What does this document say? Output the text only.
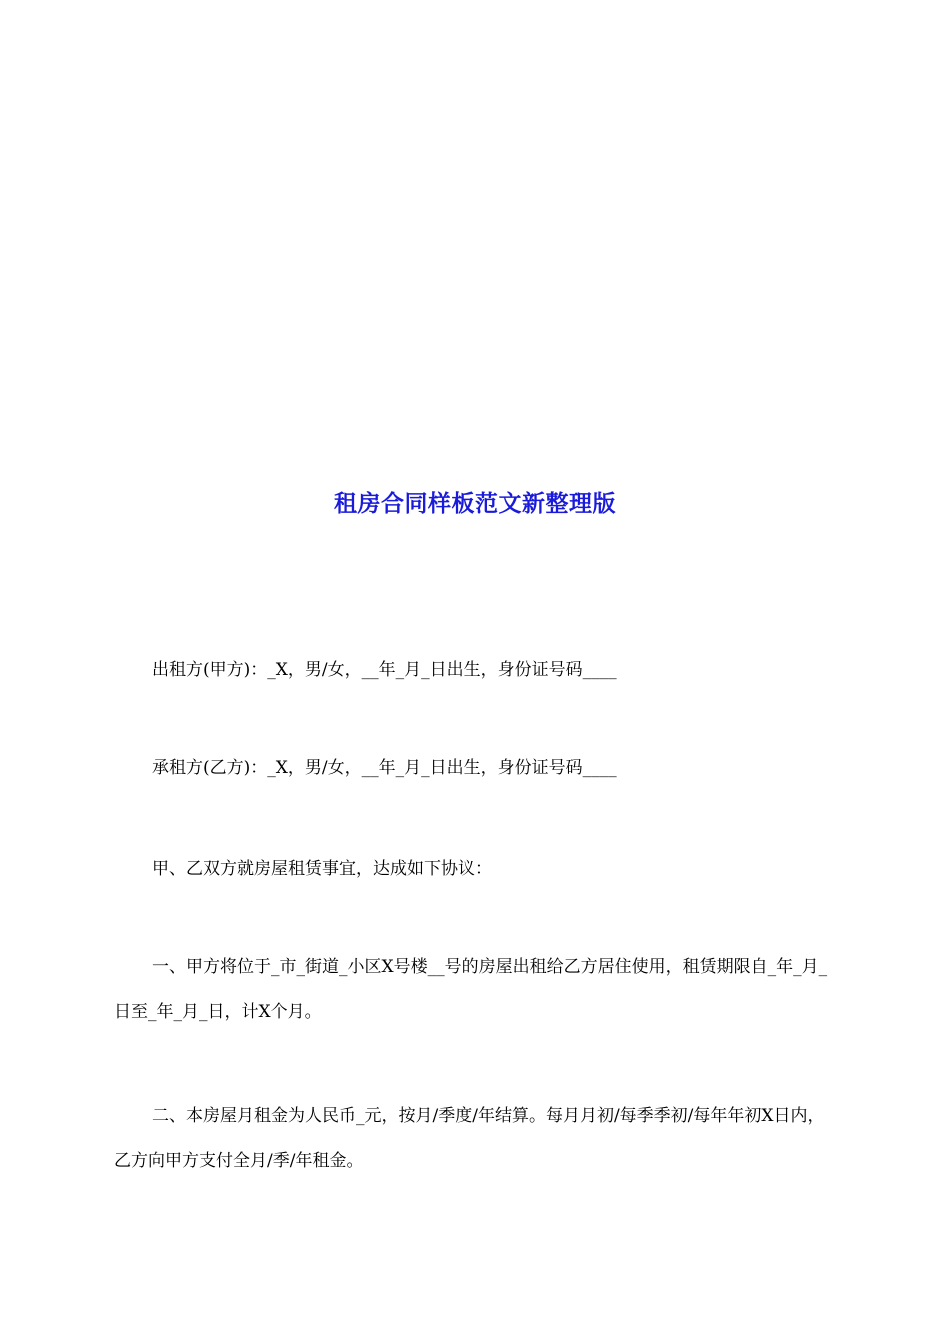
租房合同样板范文新整理版

出租方(甲方)：_X，男/女，__年_月_日出生，身份证号码____

承租方(乙方)：_X，男/女，__年_月_日出生，身份证号码____

甲、乙双方就房屋租赁事宜，达成如下协议：

一、甲方将位于_市_街道_小区X号楼__号的房屋出租给乙方居住使用，租赁期限自_年_月_日至_年_月_日，计X个月。

二、本房屋月租金为人民币_元，按月/季度/年结算。每月月初/每季季初/每年年初X日内，乙方向甲方支付全月/季/年租金。
